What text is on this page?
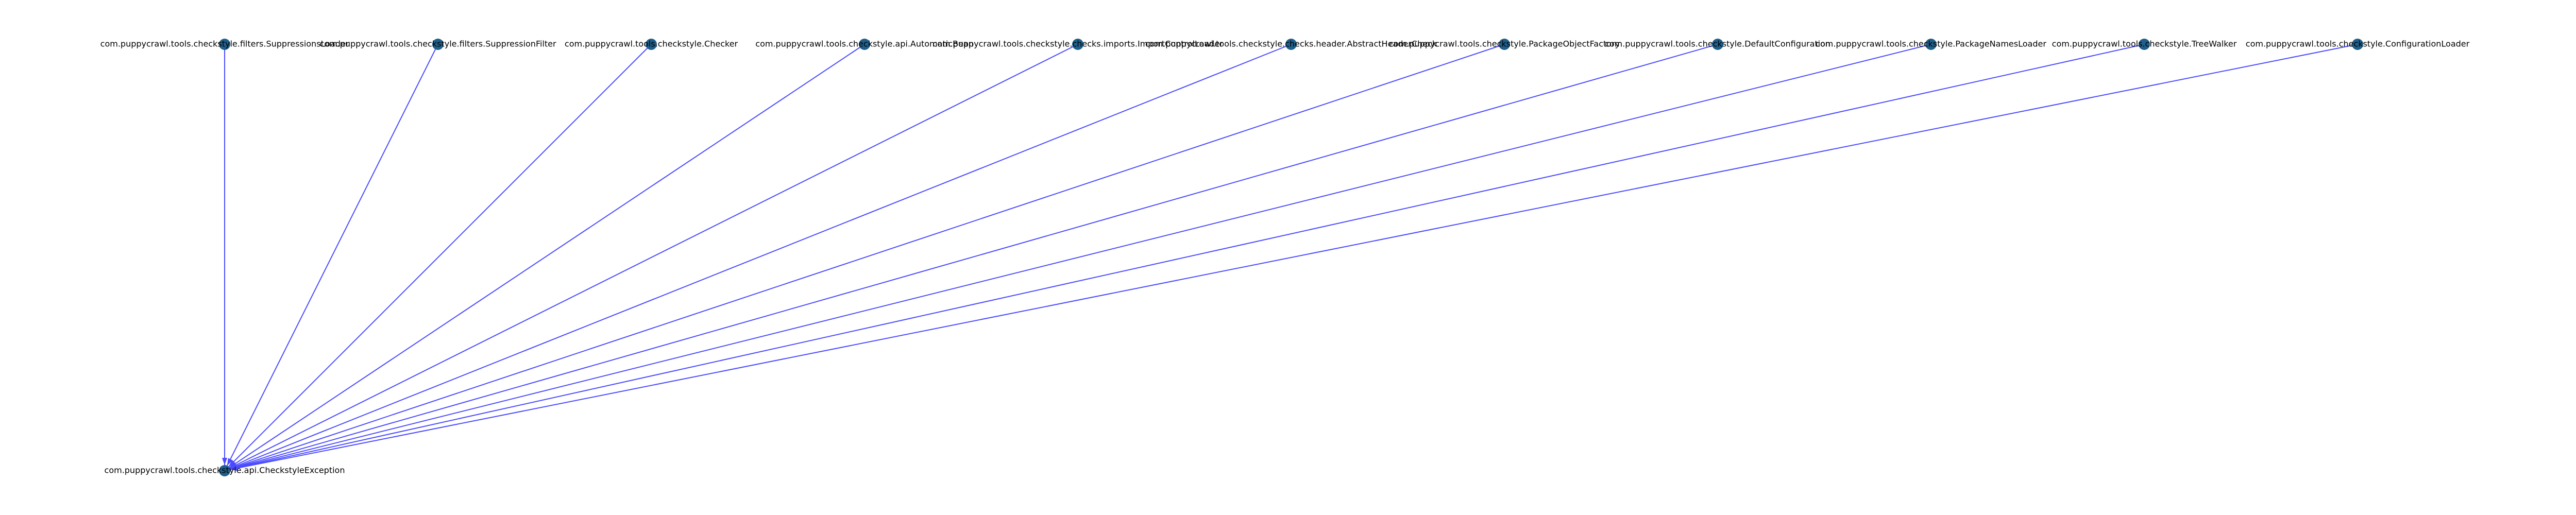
com.puppycrawl.tools.checkstyle.filters.SuppressionsLoader
com.puppycrawl.tools.checkstyle.filters.SuppressionFilter com.puppycrawl.tools.checkstyle.Checker com.puppycrawl.tools.checkstyle.api.AutomaticBean
com.puppycrawl.tools.checkstyle.checks.imports.ImportControlLoader
com.puppycrawl.tools.checkstyle.checks.header.AbstractHeaderCheck
com.puppycrawl.tools.checkstyle.PackageObjectFactory
com.puppycrawl.tools.checkstyle.DefaultConfiguration
com.puppycrawl.tools.checkstyle.PackageNamesLoader com.puppycrawl.tools.checkstyle.TreeWalker com.puppycrawl.tools.checkstyle.ConfigurationLoader
com.puppycrawl.tools.checkstyle.api.CheckstyleException
